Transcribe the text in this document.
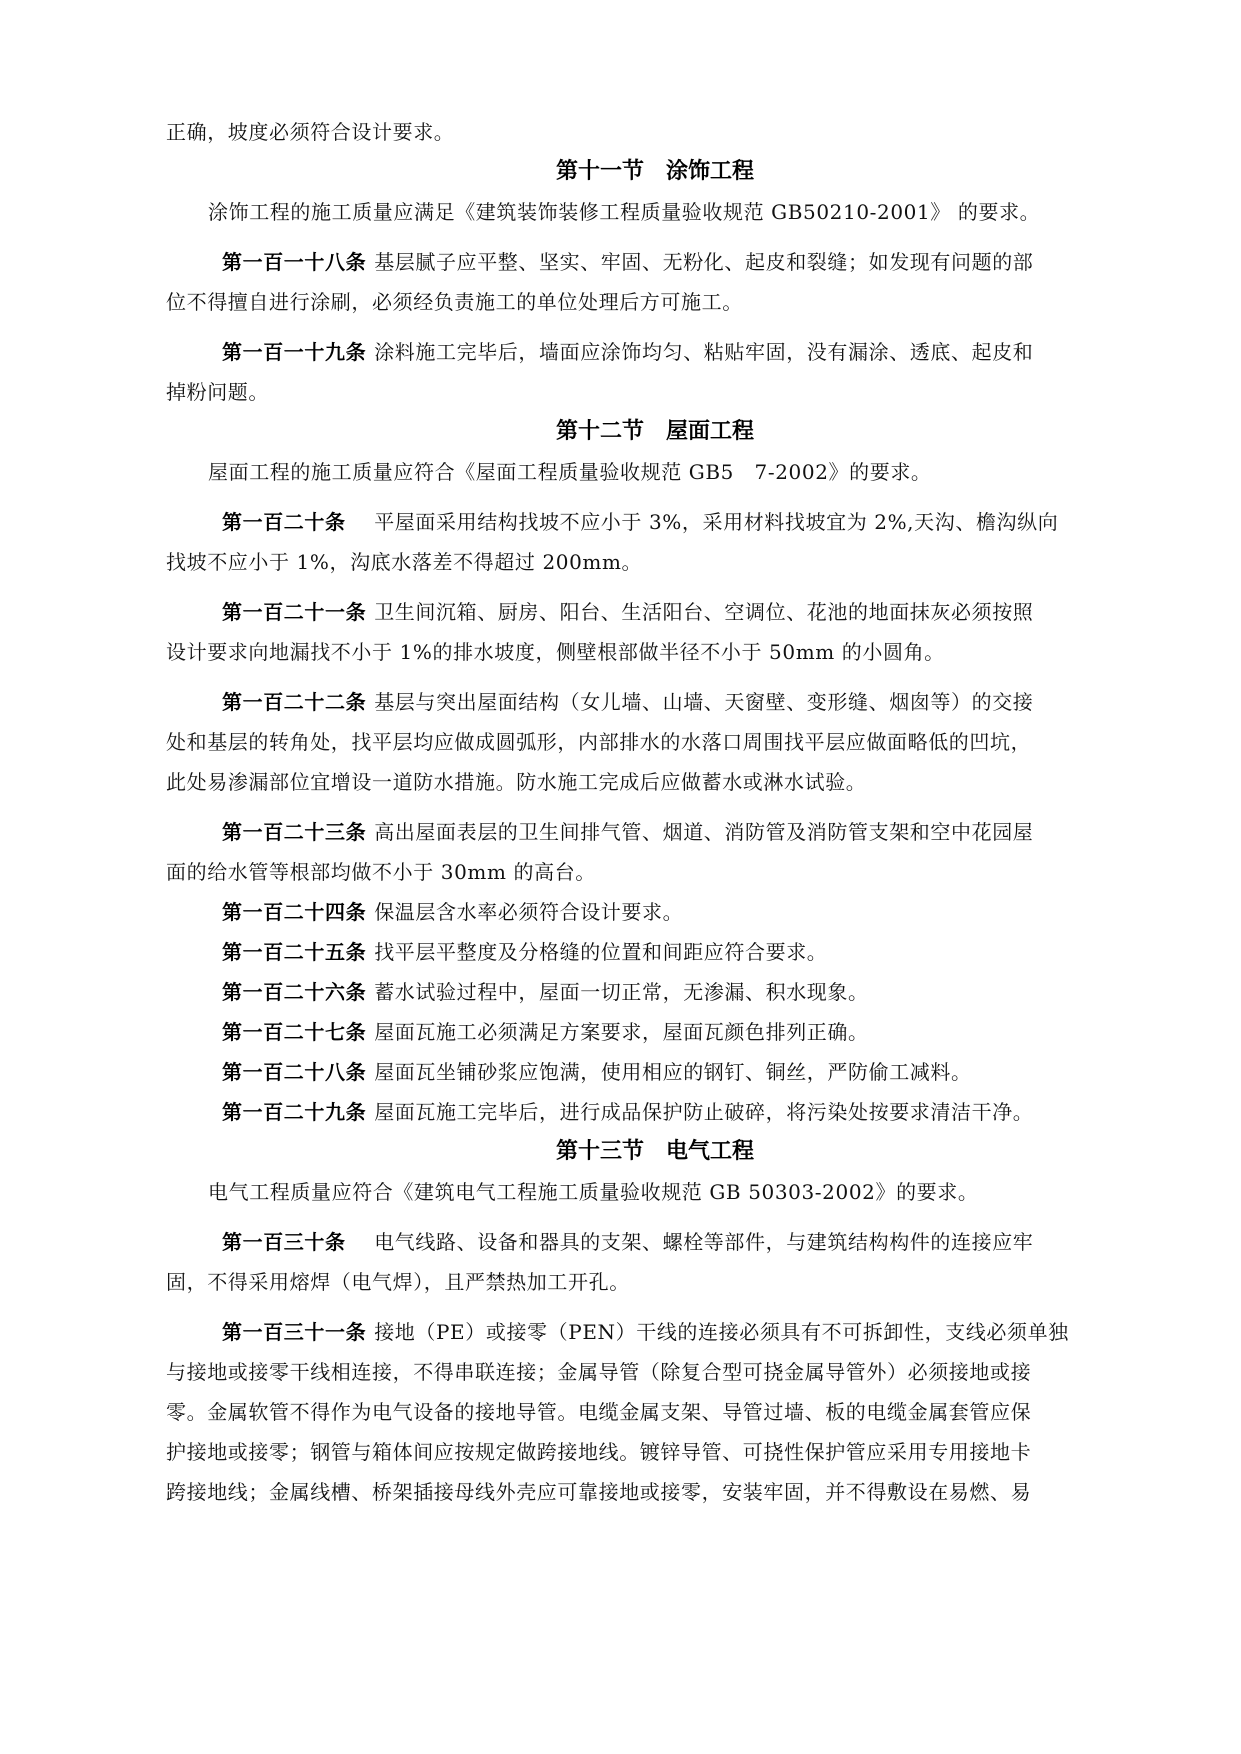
正确，坡度必须符合设计要求。
第十一节　涂饰工程
涂饰工程的施工质量应满足《建筑装饰装修工程质量验收规范 GB50210-2001》 的要求。
第一百一十八条 基层腻子应平整、坚实、牢固、无粉化、起皮和裂缝；如发现有问题的部
位不得擅自进行涂刷，必须经负责施工的单位处理后方可施工。
第一百一十九条 涂料施工完毕后，墙面应涂饰均匀、粘贴牢固，没有漏涂、透底、起皮和
掉粉问题。
第十二节　屋面工程
屋面工程的施工质量应符合《屋面工程质量验收规范 GB5　7-2002》的要求。
第一百二十条　平屋面采用结构找坡不应小于 3%，采用材料找坡宜为 2%,天沟、檐沟纵向
找坡不应小于 1%，沟底水落差不得超过 200mm。
第一百二十一条 卫生间沉箱、厨房、阳台、生活阳台、空调位、花池的地面抹灰必须按照
设计要求向地漏找不小于 1%的排水坡度，侧壁根部做半径不小于 50mm 的小圆角。
第一百二十二条 基层与突出屋面结构（女儿墙、山墙、天窗壁、变形缝、烟囱等）的交接
处和基层的转角处，找平层均应做成圆弧形，内部排水的水落口周围找平层应做面略低的凹坑，
此处易渗漏部位宜增设一道防水措施。防水施工完成后应做蓄水或淋水试验。
第一百二十三条 高出屋面表层的卫生间排气管、烟道、消防管及消防管支架和空中花园屋
面的给水管等根部均做不小于 30mm 的高台。
第一百二十四条 保温层含水率必须符合设计要求。
第一百二十五条 找平层平整度及分格缝的位置和间距应符合要求。
第一百二十六条 蓄水试验过程中，屋面一切正常，无渗漏、积水现象。
第一百二十七条 屋面瓦施工必须满足方案要求，屋面瓦颜色排列正确。
第一百二十八条 屋面瓦坐铺砂浆应饱满，使用相应的钢钉、铜丝，严防偷工减料。
第一百二十九条 屋面瓦施工完毕后，进行成品保护防止破碎，将污染处按要求清洁干净。
第十三节　电气工程
电气工程质量应符合《建筑电气工程施工质量验收规范 GB 50303-2002》的要求。
第一百三十条　电气线路、设备和器具的支架、螺栓等部件，与建筑结构构件的连接应牢
固，不得采用熔焊（电气焊），且严禁热加工开孔。
第一百三十一条 接地（PE）或接零（PEN）干线的连接必须具有不可拆卸性，支线必须单独
与接地或接零干线相连接，不得串联连接；金属导管（除复合型可挠金属导管外）必须接地或接
零。金属软管不得作为电气设备的接地导管。电缆金属支架、导管过墙、板的电缆金属套管应保
护接地或接零；钢管与箱体间应按规定做跨接地线。镀锌导管、可挠性保护管应采用专用接地卡
跨接地线；金属线槽、桥架插接母线外壳应可靠接地或接零，安装牢固，并不得敷设在易燃、易
